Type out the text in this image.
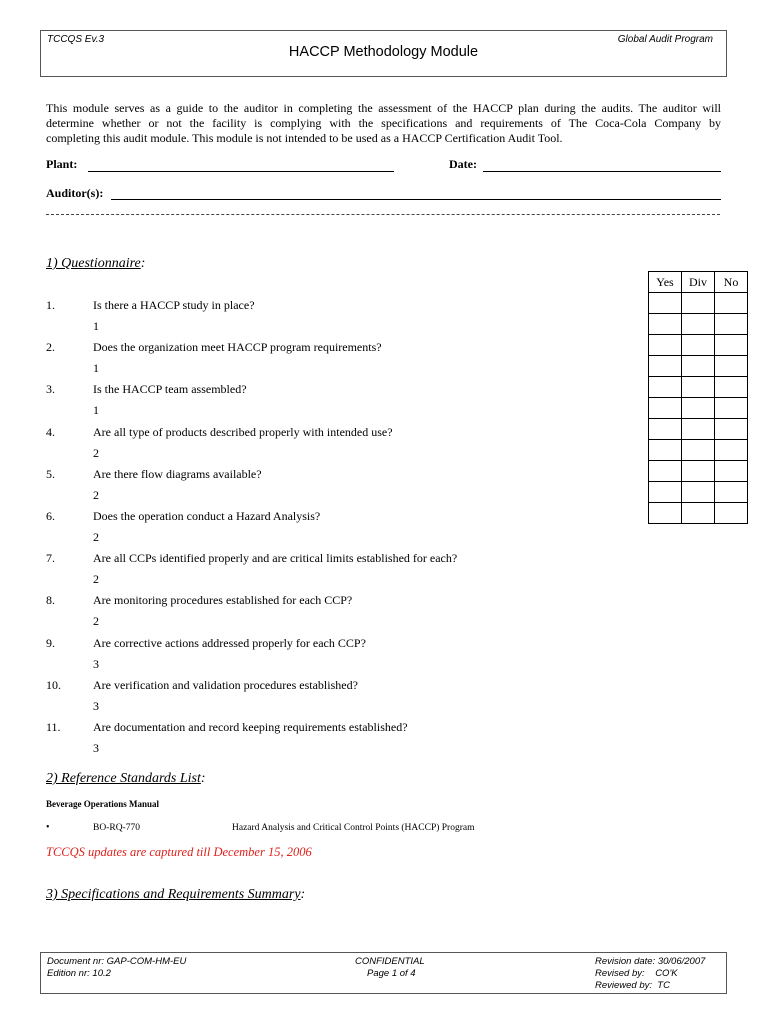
TCCQS Ev.3	Global Audit Program
HACCP Methodology Module
This module serves as a guide to the auditor in completing the assessment of the HACCP plan during the audits. The auditor will
determine whether or not the facility is complying with the specifications and requirements of The Coca-Cola Company by
completing this audit module. This module is not intended to be used as a HACCP Certification Audit Tool.
Plant:	Date:
Auditor(s):
1) Questionnaire:
1.	Is there a HACCP study in place?
1
2.	Does the organization meet HACCP program requirements?
1
3.	Is the HACCP team assembled?
1
4.	Are all type of products described properly with intended use?
2
5.	Are there flow diagrams available?
2
6.	Does the operation conduct a Hazard Analysis?
2
7.	Are all CCPs identified properly and are critical limits established for each?
2
8.	Are monitoring procedures established for each CCP?
2
9.	Are corrective actions addressed properly for each CCP?
3
10.	Are verification and validation procedures established?
3
11.	Are documentation and record keeping requirements established?
3
Yes	Div	No

2) Reference Standards List:
Beverage Operations Manual
•	BO-RQ-770	Hazard Analysis and Critical Control Points (HACCP) Program
TCCQS updates are captured till December 15, 2006
3) Specifications and Requirements Summary:
Document nr: GAP-COM-HM-EU
Edition nr: 10.2
CONFIDENTIAL
Page 1 of 4
Revision date: 30/06/2007
Revised by:    CO'K
Reviewed by:  TC
